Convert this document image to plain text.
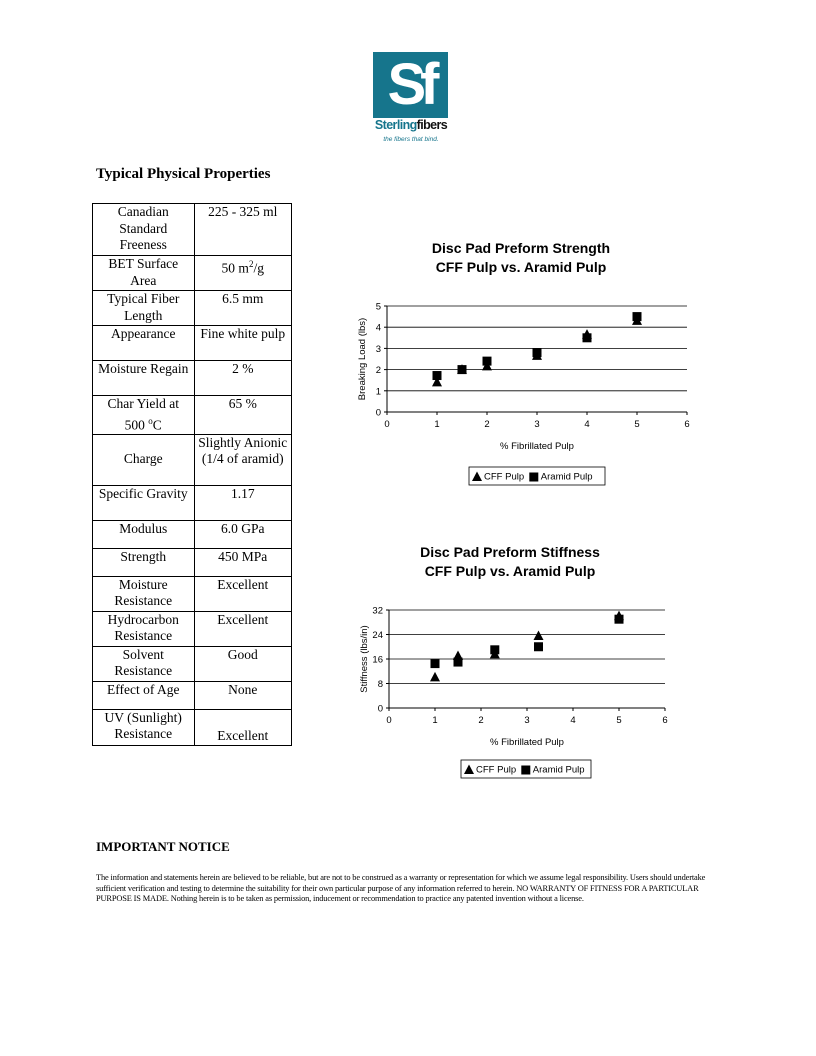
Sf
Sterlingfibers
the fibers that bind.
Typical Physical Properties
Canadian Standard Freeness	225 - 325 ml
BET Surface Area	50 $m^2/g$
Typical Fiber Length	6.5 mm
Appearance	Fine white pulp
Moisture Regain	2 %
Char Yield at
500 $^o$C	65 %
Charge	Slightly Anionic (1/4 of aramid)
Specific Gravity	1.17
Modulus	6.0 GPa
Strength	450 MPa
Moisture Resistance	Excellent
Hydrocarbon Resistance	Excellent
Solvent Resistance	Good
Effect of Age	None
UV (Sunlight) Resistance	Excellent
Disc Pad Preform Strength
CFF Pulp vs. Aramid Pulp
0
1
2
3
4
5
0	1	2	3	4	5	6
% Fibrillated Pulp
Breaking Load (lbs)
CFF Pulp Aramid Pulp
Disc Pad Preform Stiffness
CFF Pulp vs. Aramid Pulp
0
8
16
24
32
0	1	2	3	4	5	6
% Fibrillated Pulp
Stiffness (lbs/in)
CFF Pulp Aramid Pulp
IMPORTANT NOTICE
The information and statements herein are believed to be reliable, but are not to be construed as a warranty or representation for which we assume legal responsibility. Users should undertake sufficient verification and testing to determine the suitability for their own particular purpose of any information referred to herein. NO WARRANTY OF FITNESS FOR A PARTICULAR PURPOSE IS MADE. Nothing herein is to be taken as permission, inducement or recommendation to practice any patented invention without a license.
